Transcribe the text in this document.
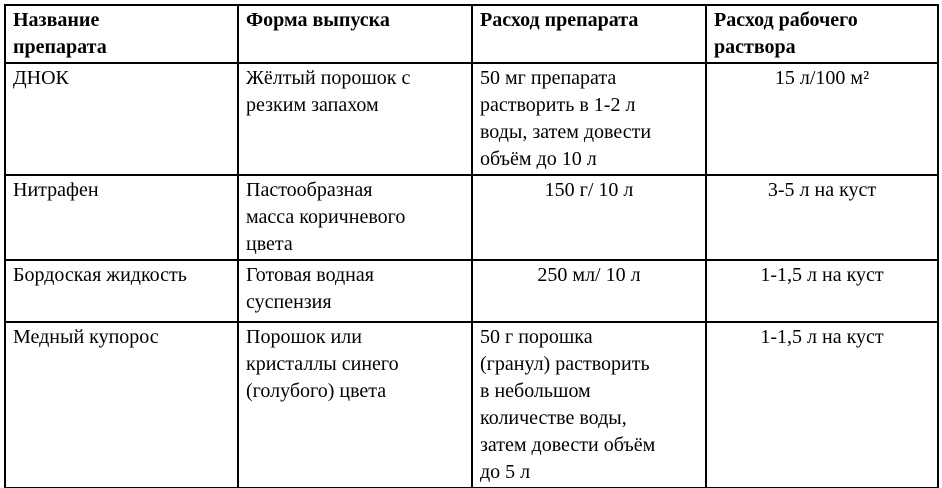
Название препарата	Форма выпуска	Расход препарата	Расход рабочего раствора
ДНОК	Жёлтый порошок с резким запахом	50 мг препарата растворить в 1-2 л воды, затем довести объём до 10 л	15 л/100 м²
Нитрафен	Пастообразная масса коричневого цвета	150 г/ 10 л	3-5 л на куст
Бордоская жидкость	Готовая водная суспензия	250 мл/ 10 л	1-1,5 л на куст
Медный купорос	Порошок или кристаллы синего (голубого) цвета	50 г порошка (гранул) растворить в небольшом количестве воды, затем довести объём до 5 л	1-1,5 л на куст
